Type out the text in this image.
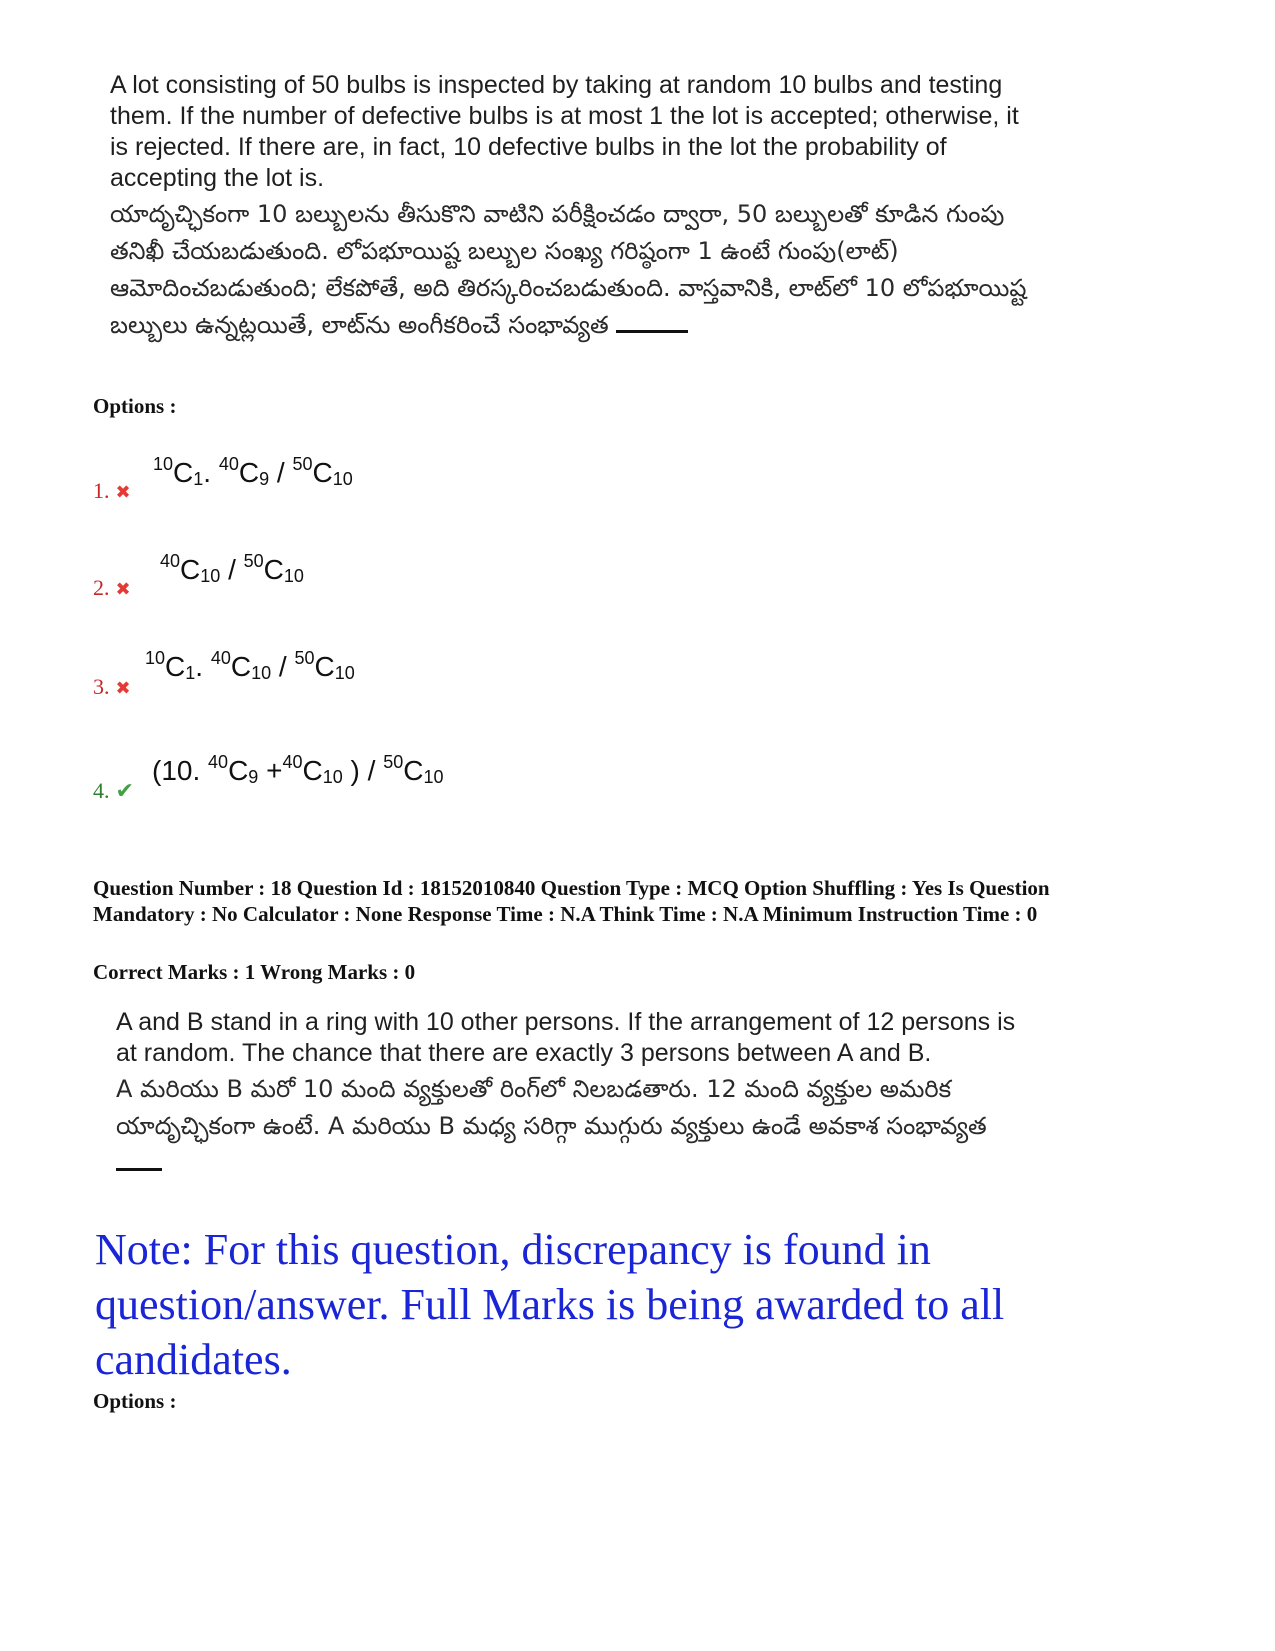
A lot consisting of 50 bulbs is inspected by taking at random 10 bulbs and testing them. If the number of defective bulbs is at most 1 the lot is accepted; otherwise, it is rejected. If there are, in fact, 10 defective bulbs in the lot the probability of accepting the lot is.

యాదృచ్ఛికంగా 10 బల్బులను తీసుకొని వాటిని పరీక్షించడం ద్వారా, 50 బల్బులతో కూడిన గుంపు తనిఖీ చేయబడుతుంది. లోపభూయిష్ట బల్బుల సంఖ్య గరిష్ఠంగా 1 ఉంటే గుంపు(లాట్) ఆమోదించబడుతుంది; లేకపోతే, అది తిరస్కరించబడుతుంది. వాస్తవానికి, లాట్‌లో 10 లోపభూయిష్ట బల్బులు ఉన్నట్లయితే, లాట్‌ను అంగీకరించే సంభావ్యత

Options :
1. ✖
$^{10}C_1$. $^{40}C_9 / ^{50}C_{10}$
2. ✖
$^{40}C_{10} / ^{50}C_{10}$
3. ✖
$^{10}C_1$. $^{40}C_{10} / ^{50}C_{10}$
4. ✔
(10. $^{40}C_9 +^{40}C_{10}$ ) / $^{50}C_{10}$
Question Number : 18 Question Id : 18152010840 Question Type : MCQ Option Shuffling : Yes Is Question Mandatory : No Calculator : None Response Time : N.A Think Time : N.A Minimum Instruction Time : 0
Correct Marks : 1 Wrong Marks : 0

A and B stand in a ring with 10 other persons. If the arrangement of 12 persons is at random. The chance that there are exactly 3 persons between A and B.

A మరియు B మరో 10 మంది వ్యక్తులతో రింగ్‌లో నిలబడతారు. 12 మంది వ్యక్తుల అమరిక యాదృచ్ఛికంగా ఉంటే. A మరియు B మధ్య సరిగ్గా ముగ్గురు వ్యక్తులు ఉండే అవకాశ సంభావ్యత

Note: For this question, discrepancy is found in question/answer. Full Marks is being awarded to all candidates.
Options :
